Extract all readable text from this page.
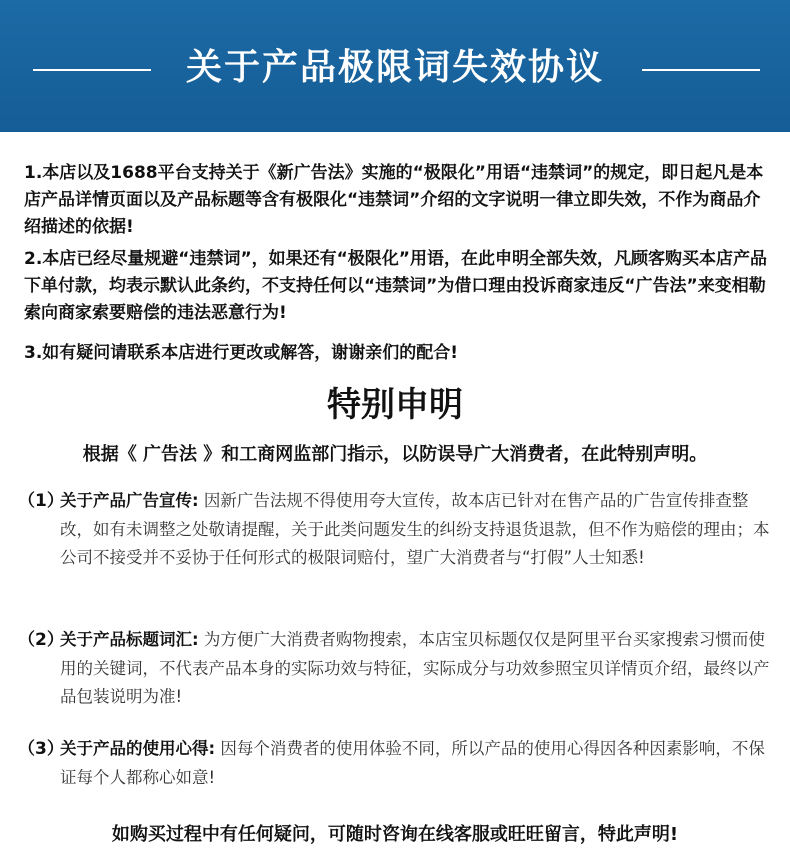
关于产品极限词失效协议
1.本店以及1688平台支持关于《新广告法》实施的“极限化”用语“违禁词”的规定，即日起凡是本店产品详情页面以及产品标题等含有极限化“违禁词”介绍的文字说明一律立即失效，不作为商品介绍描述的依据!
2.本店已经尽量规避“违禁词”，如果还有“极限化”用语，在此申明全部失效，凡顾客购买本店产品下单付款，均表示默认此条约，不支持任何以“违禁词”为借口理由投诉商家违反“广告法”来变相勒索向商家索要赔偿的违法恶意行为!
3.如有疑问请联系本店进行更改或解答，谢谢亲们的配合!
特别申明
根据《 广告法 》和工商网监部门指示，以防误导广大消费者，在此特别声明。
（1）
关于产品广告宣传: 因新广告法规不得使用夸大宣传，故本店已针对在售产品的广告宣传排查整改，如有未调整之处敬请提醒，关于此类问题发生的纠纷支持退货退款，但不作为赔偿的理由；本公司不接受并不妥协于任何形式的极限词赔付，望广大消费者与“打假”人士知悉!
（2）
关于产品标题词汇: 为方便广大消费者购物搜索，本店宝贝标题仅仅是阿里平台买家搜索习惯而使用的关键词，不代表产品本身的实际功效与特征，实际成分与功效参照宝贝详情页介绍，最终以产品包装说明为准!
（3）
关于产品的使用心得: 因每个消费者的使用体验不同，所以产品的使用心得因各种因素影响，不保证每个人都称心如意!
如购买过程中有任何疑问，可随时咨询在线客服或旺旺留言，特此声明!
